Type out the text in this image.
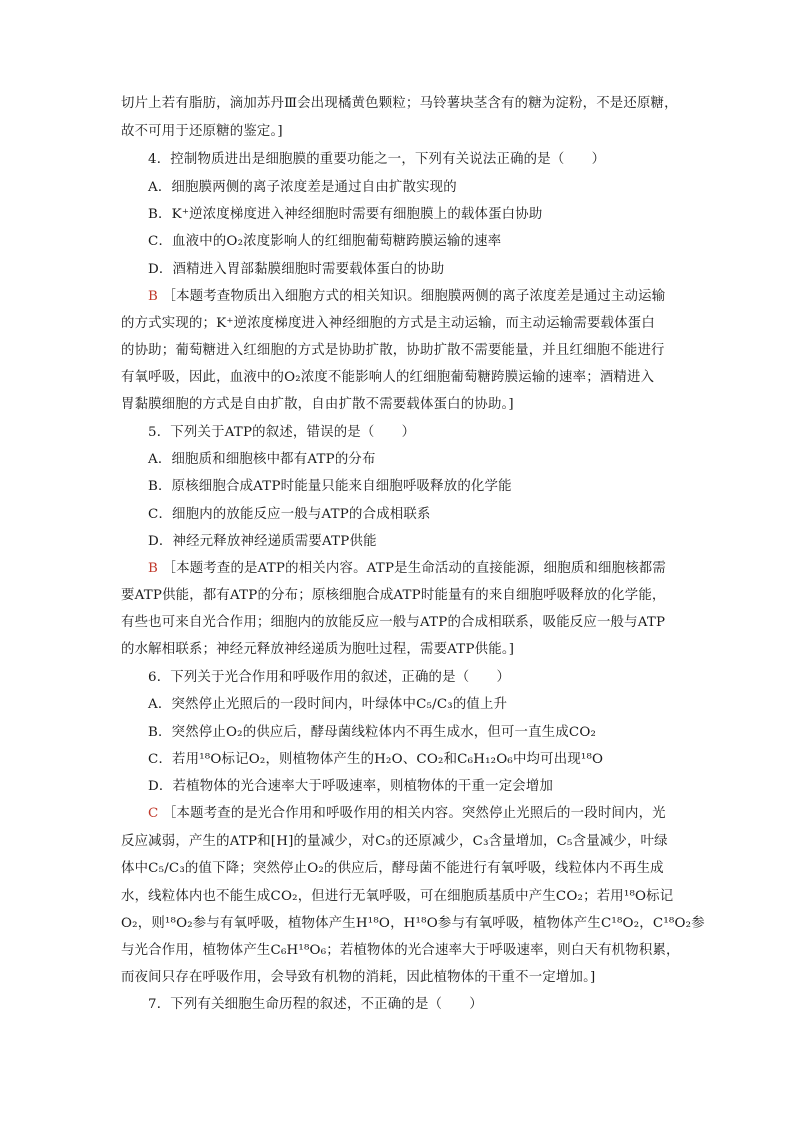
切片上若有脂肪，滴加苏丹Ⅲ会出现橘黄色颗粒；马铃薯块茎含有的糖为淀粉，不是还原糖，
故不可用于还原糖的鉴定。]
4．控制物质进出是细胞膜的重要功能之一，下列有关说法正确的是（　　）
A．细胞膜两侧的离子浓度差是通过自由扩散实现的
B．K⁺逆浓度梯度进入神经细胞时需要有细胞膜上的载体蛋白协助
C．血液中的O₂浓度影响人的红细胞葡萄糖跨膜运输的速率
D．酒精进入胃部黏膜细胞时需要载体蛋白的协助
B ［本题考查物质出入细胞方式的相关知识。细胞膜两侧的离子浓度差是通过主动运输
的方式实现的；K⁺逆浓度梯度进入神经细胞的方式是主动运输，而主动运输需要载体蛋白
的协助；葡萄糖进入红细胞的方式是协助扩散，协助扩散不需要能量，并且红细胞不能进行
有氧呼吸，因此，血液中的O₂浓度不能影响人的红细胞葡萄糖跨膜运输的速率；酒精进入
胃黏膜细胞的方式是自由扩散，自由扩散不需要载体蛋白的协助。]
5．下列关于ATP的叙述，错误的是（　　）
A．细胞质和细胞核中都有ATP的分布
B．原核细胞合成ATP时能量只能来自细胞呼吸释放的化学能
C．细胞内的放能反应一般与ATP的合成相联系
D．神经元释放神经递质需要ATP供能
B ［本题考查的是ATP的相关内容。ATP是生命活动的直接能源，细胞质和细胞核都需
要ATP供能，都有ATP的分布；原核细胞合成ATP时能量有的来自细胞呼吸释放的化学能，
有些也可来自光合作用；细胞内的放能反应一般与ATP的合成相联系，吸能反应一般与ATP
的水解相联系；神经元释放神经递质为胞吐过程，需要ATP供能。]
6．下列关于光合作用和呼吸作用的叙述，正确的是（　　）
A．突然停止光照后的一段时间内，叶绿体中C₅/C₃的值上升
B．突然停止O₂的供应后，酵母菌线粒体内不再生成水，但可一直生成CO₂
C．若用¹⁸O标记O₂，则植物体产生的H₂O、CO₂和C₆H₁₂O₆中均可出现¹⁸O
D．若植物体的光合速率大于呼吸速率，则植物体的干重一定会增加
C ［本题考查的是光合作用和呼吸作用的相关内容。突然停止光照后的一段时间内，光
反应减弱，产生的ATP和[H]的量减少，对C₃的还原减少，C₃含量增加，C₅含量减少，叶绿
体中C₅/C₃的值下降；突然停止O₂的供应后，酵母菌不能进行有氧呼吸，线粒体内不再生成
水，线粒体内也不能生成CO₂，但进行无氧呼吸，可在细胞质基质中产生CO₂；若用¹⁸O标记
O₂，则¹⁸O₂参与有氧呼吸，植物体产生H¹⁸O，H¹⁸O参与有氧呼吸，植物体产生C¹⁸O₂，C¹⁸O₂参
与光合作用，植物体产生C₆H¹⁸O₆；若植物体的光合速率大于呼吸速率，则白天有机物积累，
而夜间只存在呼吸作用，会导致有机物的消耗，因此植物体的干重不一定增加。]
7．下列有关细胞生命历程的叙述，不正确的是（　　）
